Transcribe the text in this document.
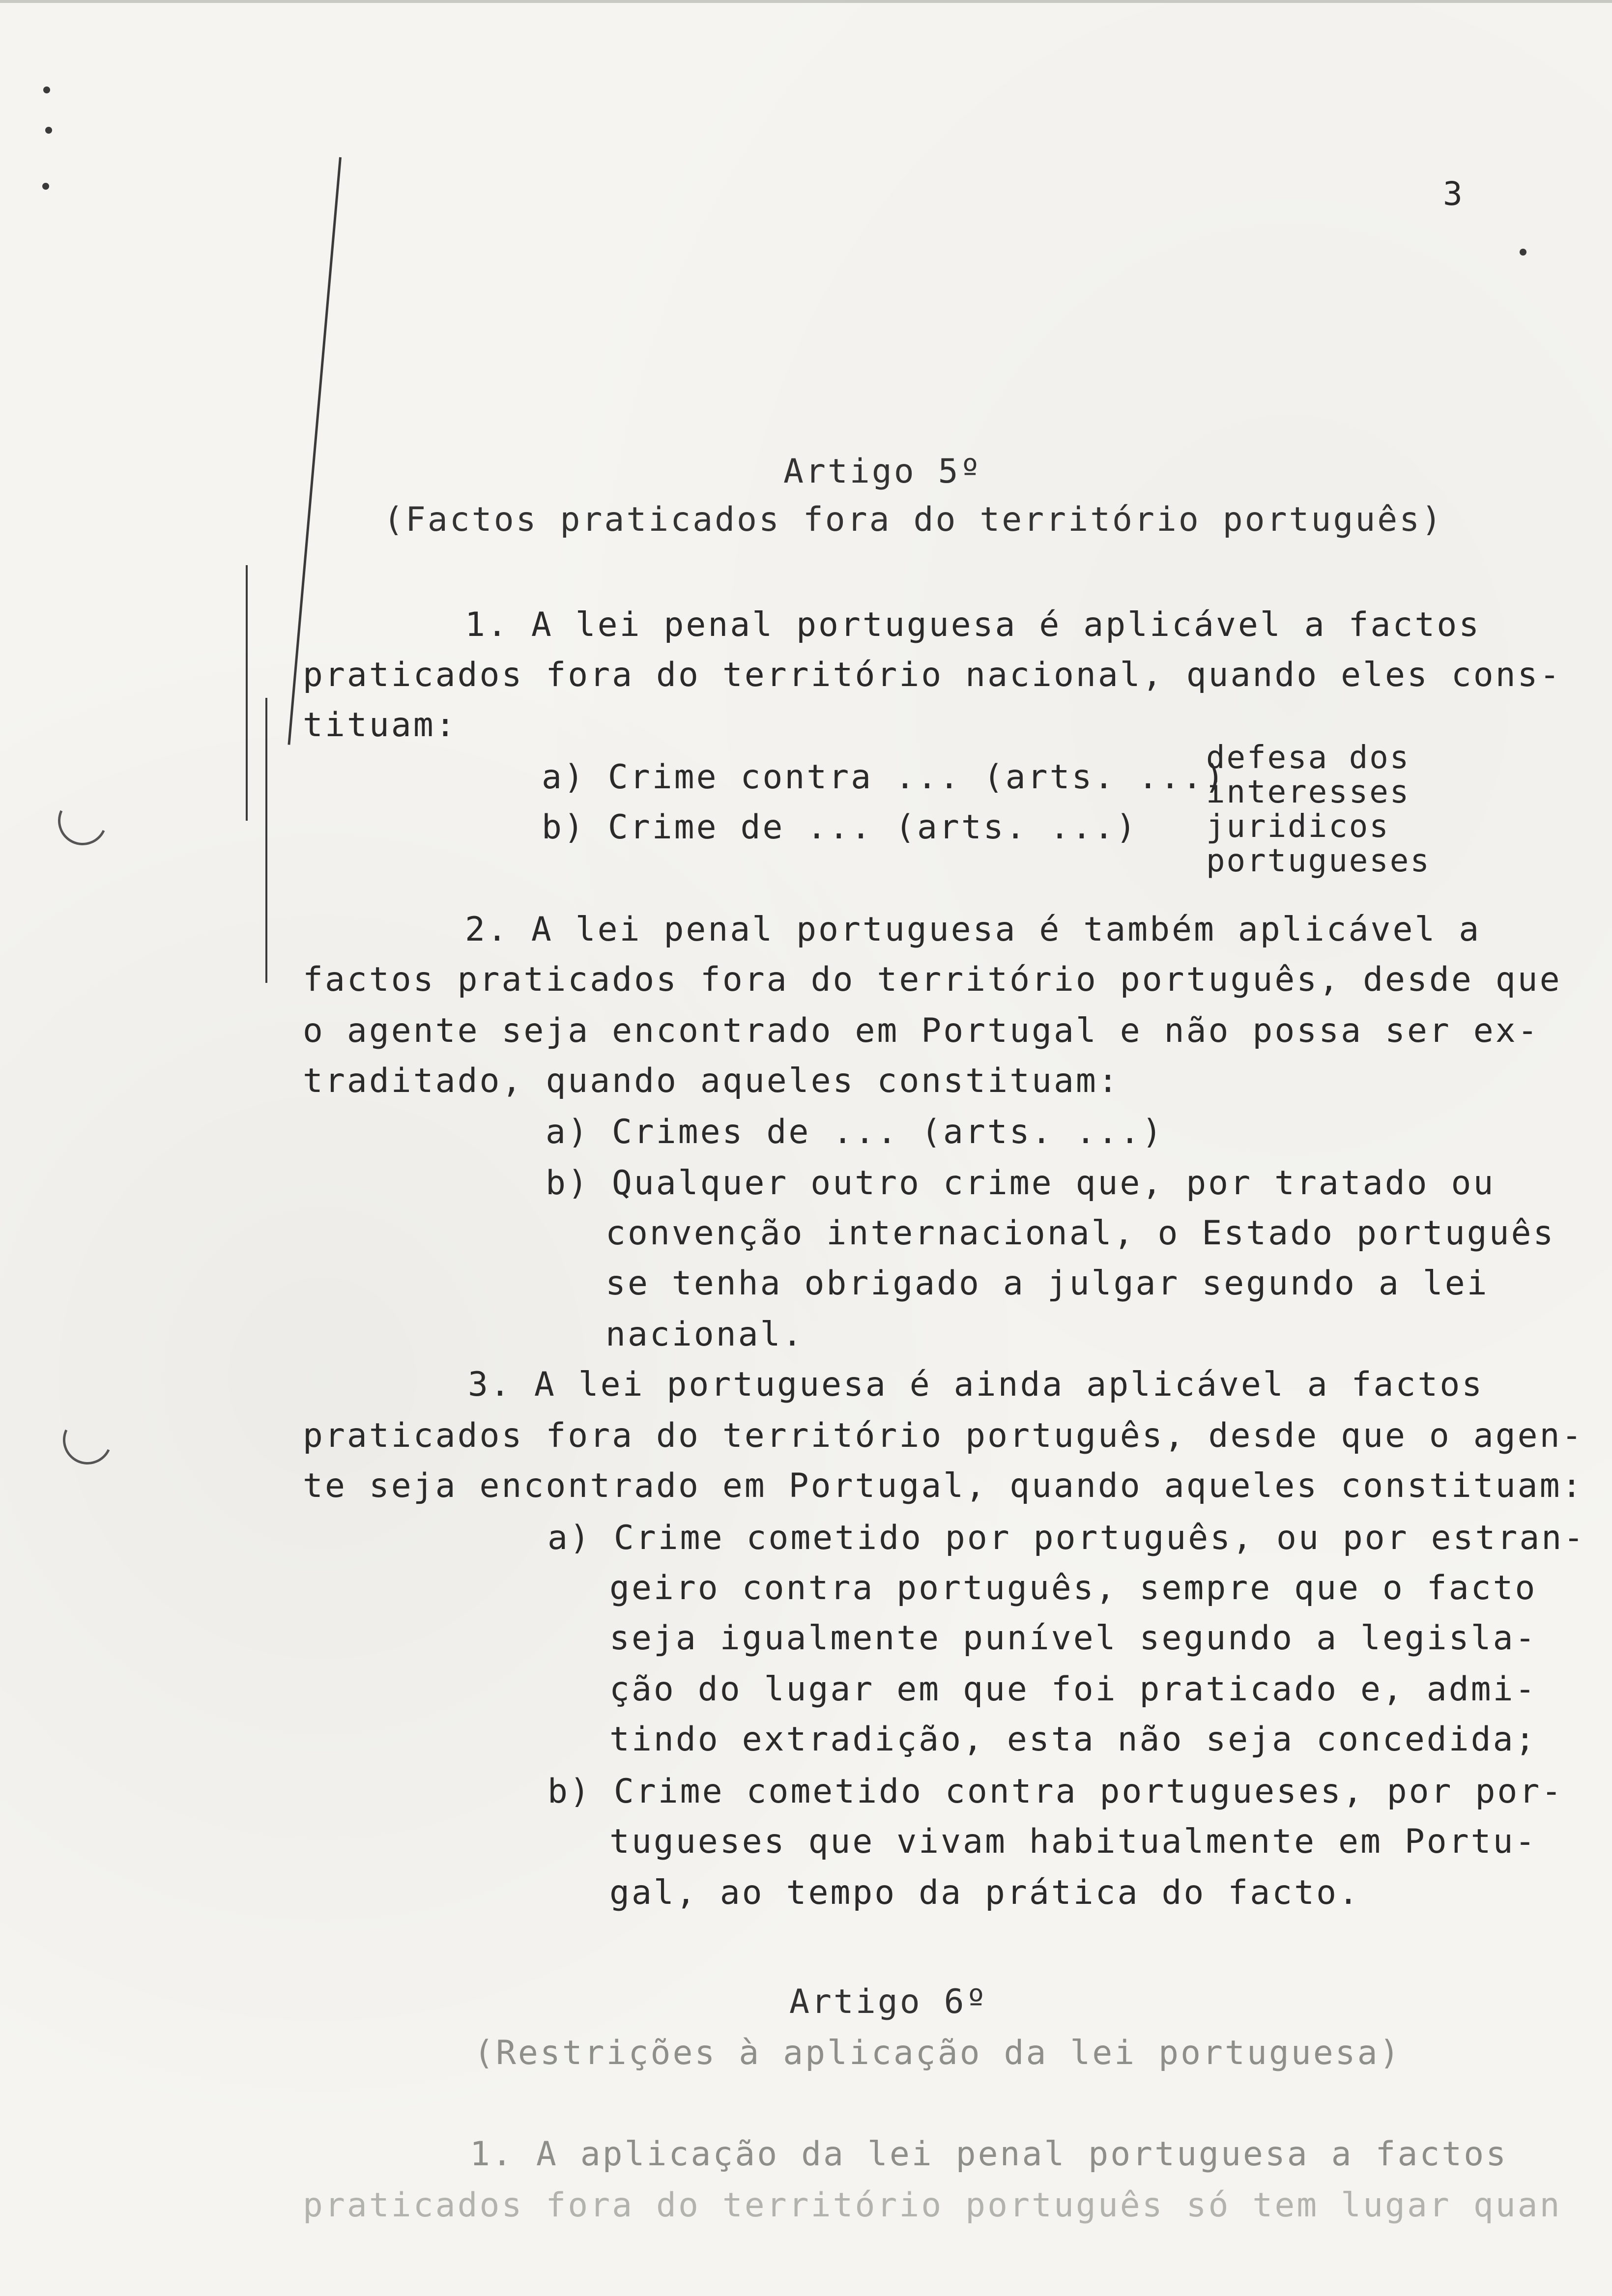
3
Artigo 5º
(Factos praticados fora do território português)
1. A lei penal portuguesa é aplicável a factos
praticados fora do território nacional, quando eles cons-
tituam:
a) Crime contra ... (arts. ...)
b) Crime de ... (arts. ...)
defesa dos
interesses
juridicos
portugueses
2. A lei penal portuguesa é também aplicável a
factos praticados fora do território português, desde que
o agente seja encontrado em Portugal e não possa ser ex-
traditado, quando aqueles constituam:
a) Crimes de ... (arts. ...)
b) Qualquer outro crime que, por tratado ou
convenção internacional, o Estado português
se tenha obrigado a julgar segundo a lei
nacional.
3. A lei portuguesa é ainda aplicável a factos
praticados fora do território português, desde que o agen-
te seja encontrado em Portugal, quando aqueles constituam:
a) Crime cometido por português, ou por estran-
geiro contra português, sempre que o facto
seja igualmente punível segundo a legisla-
ção do lugar em que foi praticado e, admi-
tindo extradição, esta não seja concedida;
b) Crime cometido contra portugueses, por por-
tugueses que vivam habitualmente em Portu-
gal, ao tempo da prática do facto.
Artigo 6º
(Restrições à aplicação da lei portuguesa)
1. A aplicação da lei penal portuguesa a factos
praticados fora do território português só tem lugar quan
